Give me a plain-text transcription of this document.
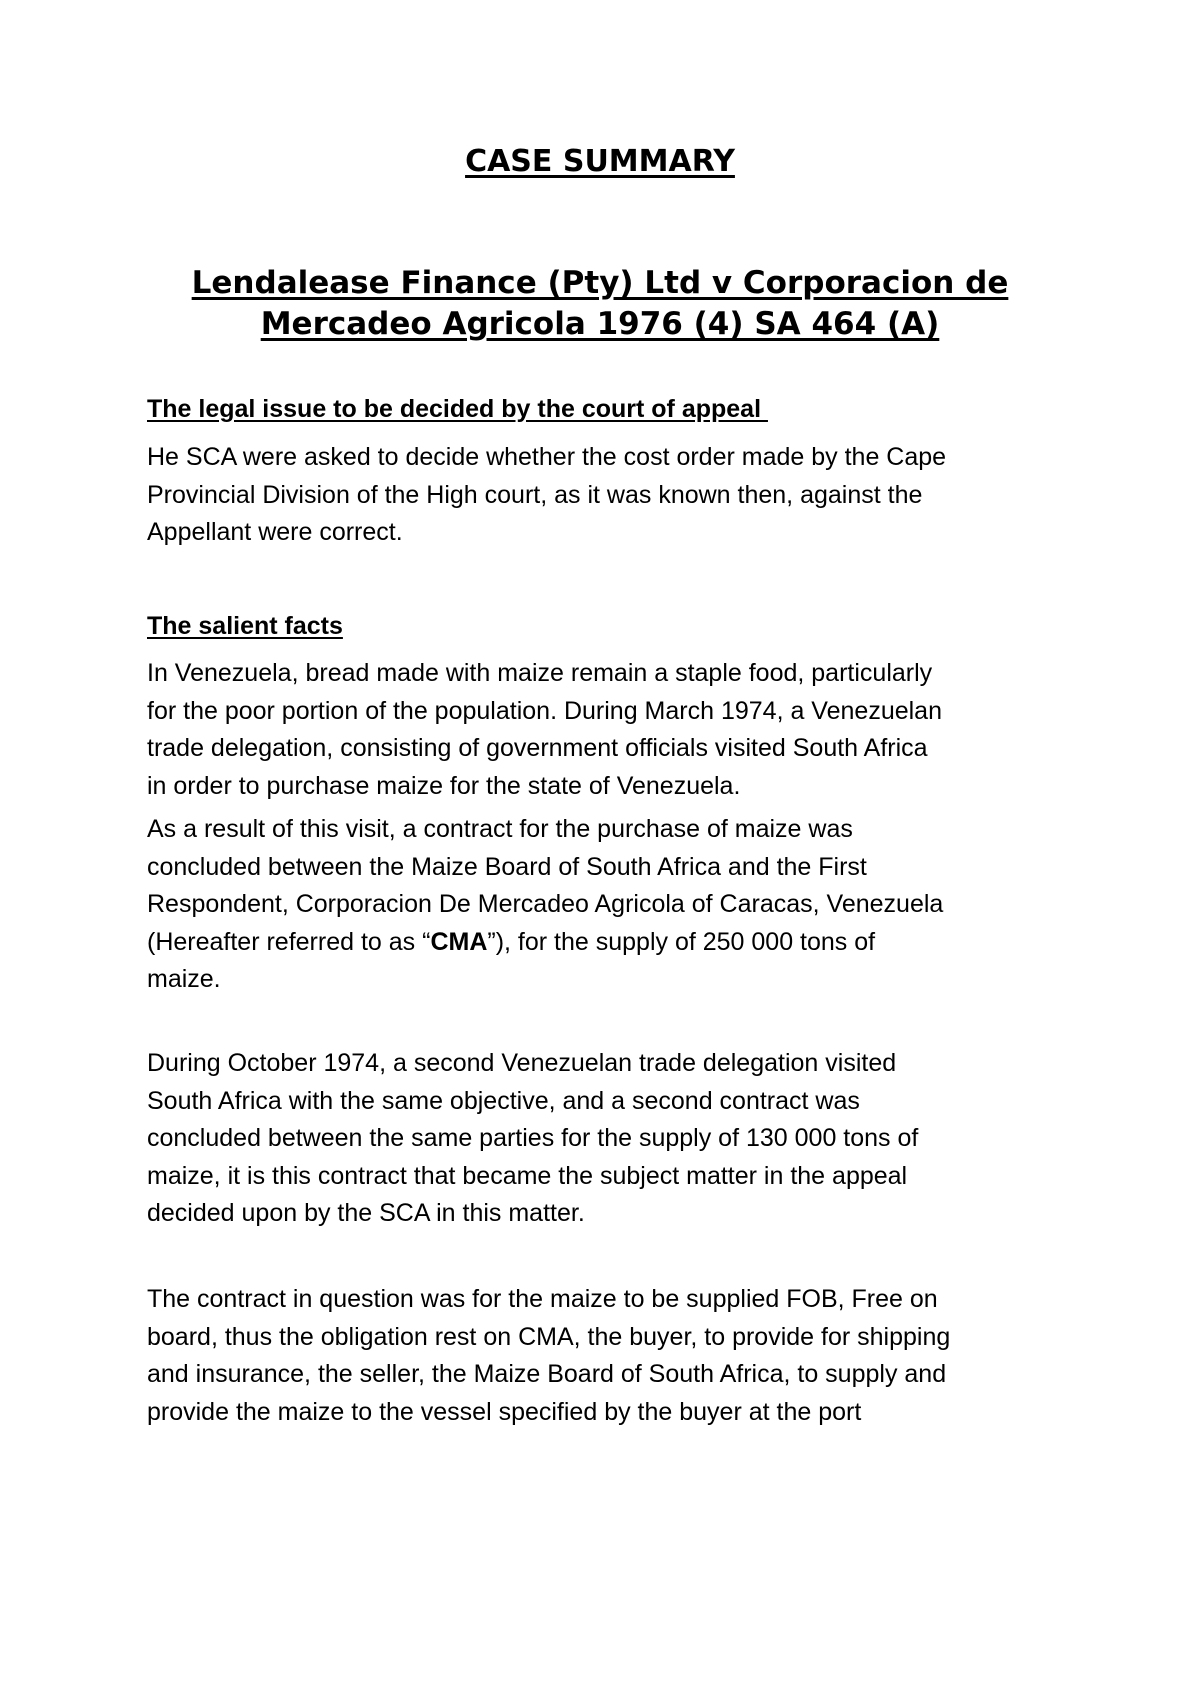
CASE SUMMARY
Lendalease Finance (Pty) Ltd v Corporacion de
Mercadeo Agricola 1976 (4) SA 464 (A)
The legal issue to be decided by the court of appeal

He SCA were asked to decide whether the cost order made by the Cape
Provincial Division of the High court, as it was known then, against the
Appellant were correct.

The salient facts

In Venezuela, bread made with maize remain a staple food, particularly
for the poor portion of the population. During March 1974, a Venezuelan
trade delegation, consisting of government officials visited South Africa
in order to purchase maize for the state of Venezuela.

As a result of this visit, a contract for the purchase of maize was
concluded between the Maize Board of South Africa and the First
Respondent, Corporacion De Mercadeo Agricola of Caracas, Venezuela
(Hereafter referred to as “CMA”), for the supply of 250 000 tons of
maize.

During October 1974, a second Venezuelan trade delegation visited
South Africa with the same objective, and a second contract was
concluded between the same parties for the supply of 130 000 tons of
maize, it is this contract that became the subject matter in the appeal
decided upon by the SCA in this matter.

The contract in question was for the maize to be supplied FOB, Free on
board, thus the obligation rest on CMA, the buyer, to provide for shipping
and insurance, the seller, the Maize Board of South Africa, to supply and
provide the maize to the vessel specified by the buyer at the port
